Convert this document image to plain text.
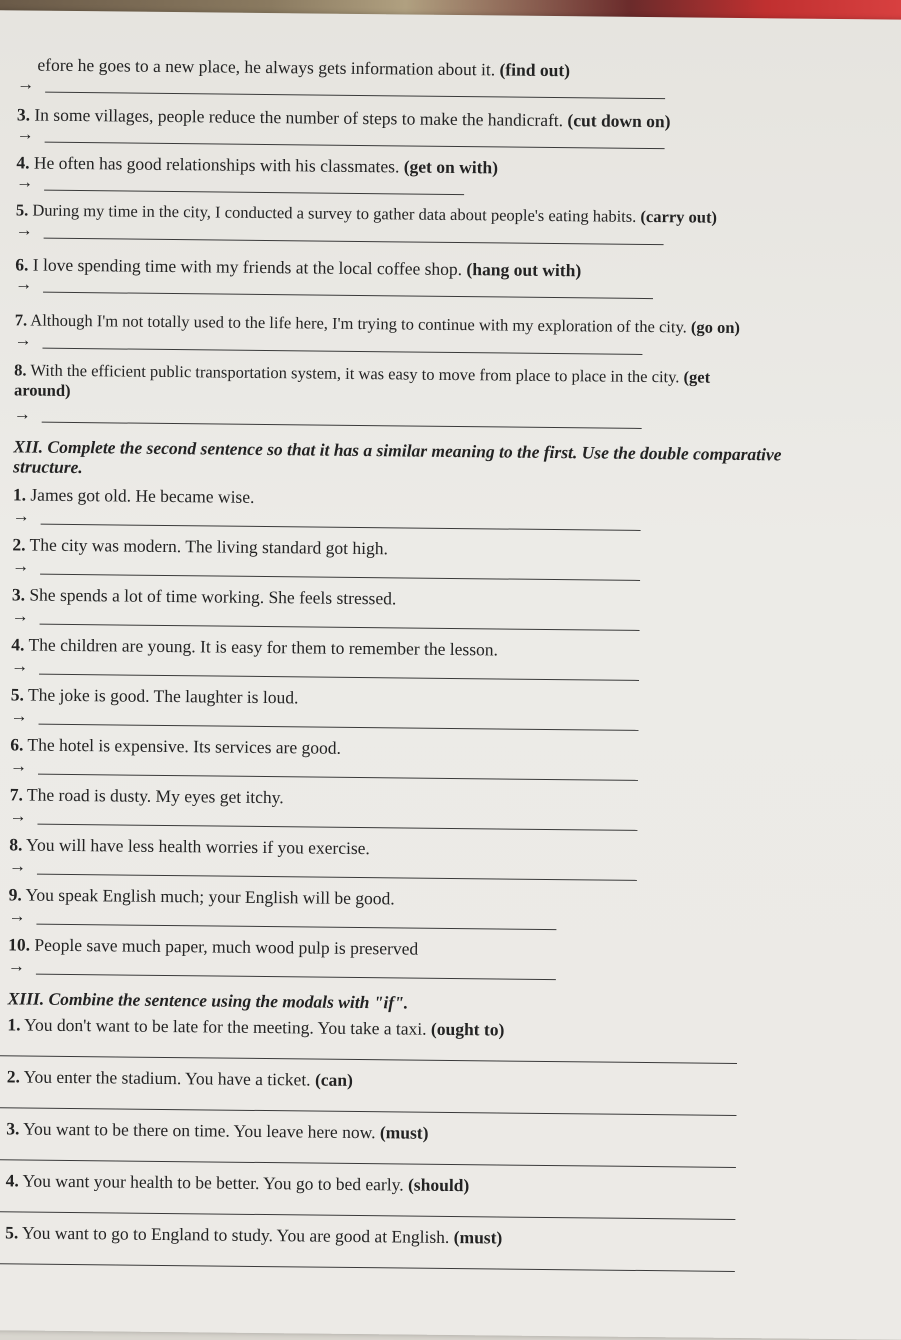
efore he goes to a new place, he always gets information about it. (find out)
→
3. In some villages, people reduce the number of steps to make the handicraft. (cut down on)
→
4. He often has good relationships with his classmates. (get on with)
→
5. During my time in the city, I conducted a survey to gather data about people's eating habits. (carry out)
→
6. I love spending time with my friends at the local coffee shop. (hang out with)
→
7. Although I'm not totally used to the life here, I'm trying to continue with my exploration of the city. (go on)
→
8. With the efficient public transportation system, it was easy to move from place to place in the city. (get
around)
→
XII. Complete the second sentence so that it has a similar meaning to the first. Use the double comparative structure.
1. James got old. He became wise.
→
2. The city was modern. The living standard got high.
→
3. She spends a lot of time working. She feels stressed.
→
4. The children are young. It is easy for them to remember the lesson.
→
5. The joke is good. The laughter is loud.
→
6. The hotel is expensive. Its services are good.
→
7. The road is dusty. My eyes get itchy.
→
8. You will have less health worries if you exercise.
→
9. You speak English much; your English will be good.
→
10. People save much paper, much wood pulp is preserved
→
XIII. Combine the sentence using the modals with "if".
1. You don't want to be late for the meeting. You take a taxi. (ought to)
2. You enter the stadium. You have a ticket. (can)
3. You want to be there on time. You leave here now. (must)
4. You want your health to be better. You go to bed early. (should)
5. You want to go to England to study. You are good at English. (must)
